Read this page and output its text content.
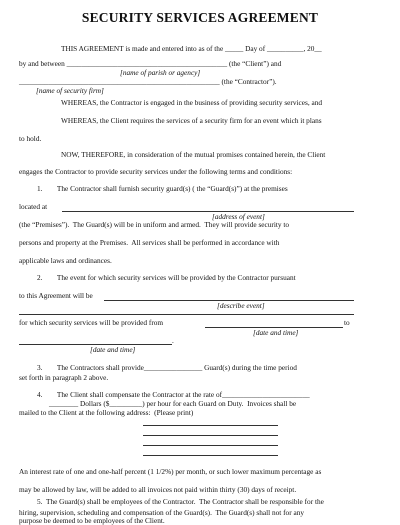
SECURITY SERVICES AGREEMENT
THIS AGREEMENT is made and entered into as of the _____ Day of __________, 20__
by and between ____________________________________________ (the “Client”) and
[name of parish or agency]
_______________________________________________________ (the “Contractor”).
[name of security firm]
WHEREAS, the Contractor is engaged in the business of providing security services, and
WHEREAS, the Client requires the services of a security firm for an event which it plans
to hold.
NOW, THEREFORE, in consideration of the mutual promises contained herein, the Client
engages the Contractor to provide security services under the following terms and conditions:
1.        The Contractor shall furnish security guard(s) ( the “Guard(s)”) at the premises
located at
[address of event]
(the “Premises”).  The Guard(s) will be in uniform and armed.  They will provide security to
persons and property at the Premises.  All services shall be performed in accordance with
applicable laws and ordinances.
2.        The event for which security services will be provided by the Contractor pursuant
to this Agreement will be
[describe event]
for which security services will be provided from	to
[date and time]
.
[date and time]
3.        The Contractors shall provide________________ Guard(s) during the time period
set forth in paragraph 2 above.
4.        The Client shall compensate the Contractor at the rate of________________________
________ Dollars ($_________) per hour for each Guard on Duty.  Invoices shall be
mailed to the Client at the following address:  (Please print)
An interest rate of one and one-half percent (1 1/2%) per month, or such lower maximum percentage as
may be allowed by law, will be added to all invoices not paid within thirty (30) days of receipt.
5.  The Guard(s) shall be employees of the Contractor.  The Contractor shall be responsible for the
hiring, supervision, scheduling and compensation of the Guard(s).  The Guard(s) shall not for any
purpose be deemed to be employees of the Client.
